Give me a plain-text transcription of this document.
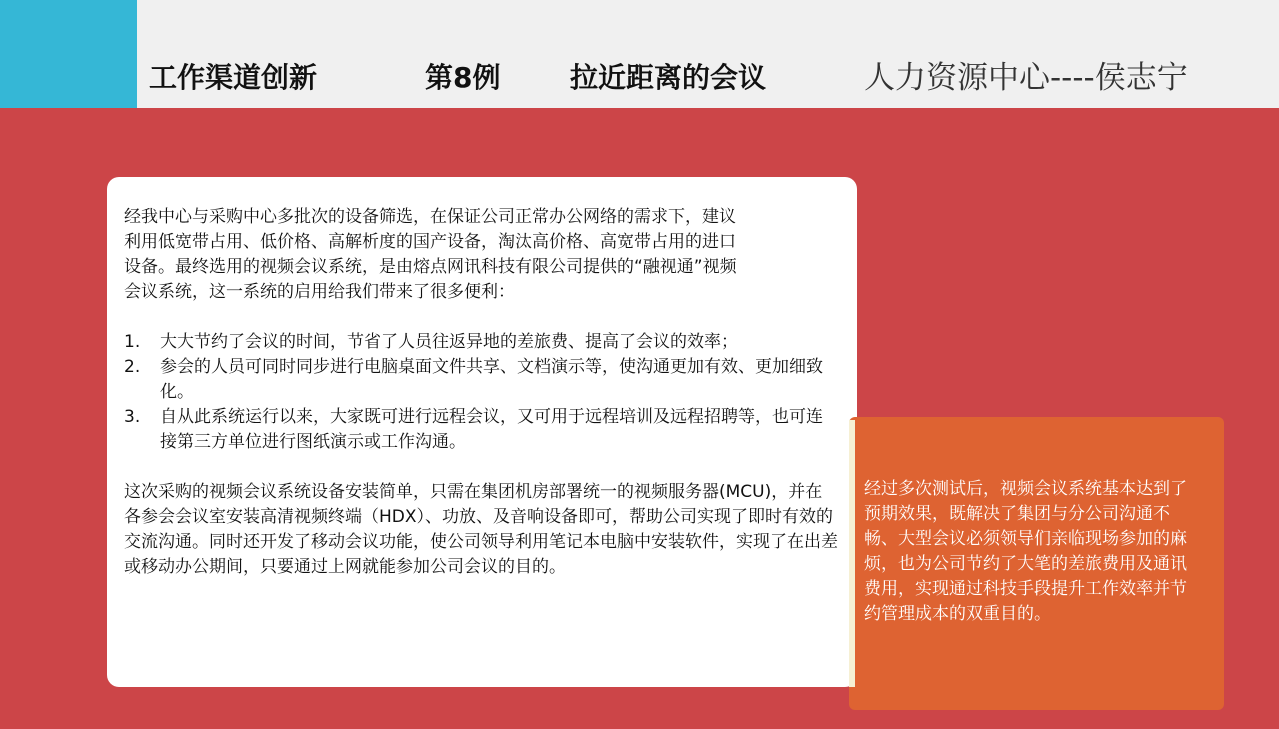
工作渠道创新	第8例 拉近距离的会议	人力资源中心----侯志宁

经我中心与采购中心多批次的设备筛选，在保证公司正常办公网络的需求下，建议利用低宽带占用、低价格、高解析度的国产设备，淘汰高价格、高宽带占用的进口设备。最终选用的视频会议系统，是由熔点网讯科技有限公司提供的“融视通”视频会议系统，这一系统的启用给我们带来了很多便利：

1. 大大节约了会议的时间，节省了人员往返异地的差旅费、提高了会议的效率；
2. 参会的人员可同时同步进行电脑桌面文件共享、文档演示等，使沟通更加有效、更加细致化。
3. 自从此系统运行以来，大家既可进行远程会议，又可用于远程培训及远程招聘等，也可连接第三方单位进行图纸演示或工作沟通。

这次采购的视频会议系统设备安装简单，只需在集团机房部署统一的视频服务器(MCU)，并在各参会会议室安装高清视频终端（HDX）、功放、及音响设备即可，帮助公司实现了即时有效的交流沟通。同时还开发了移动会议功能，使公司领导利用笔记本电脑中安装软件，实现了在出差或移动办公期间，只要通过上网就能参加公司会议的目的。

经过多次测试后，视频会议系统基本达到了预期效果，既解决了集团与分公司沟通不畅、大型会议必须领导们亲临现场参加的麻烦，也为公司节约了大笔的差旅费用及通讯费用，实现通过科技手段提升工作效率并节约管理成本的双重目的。
